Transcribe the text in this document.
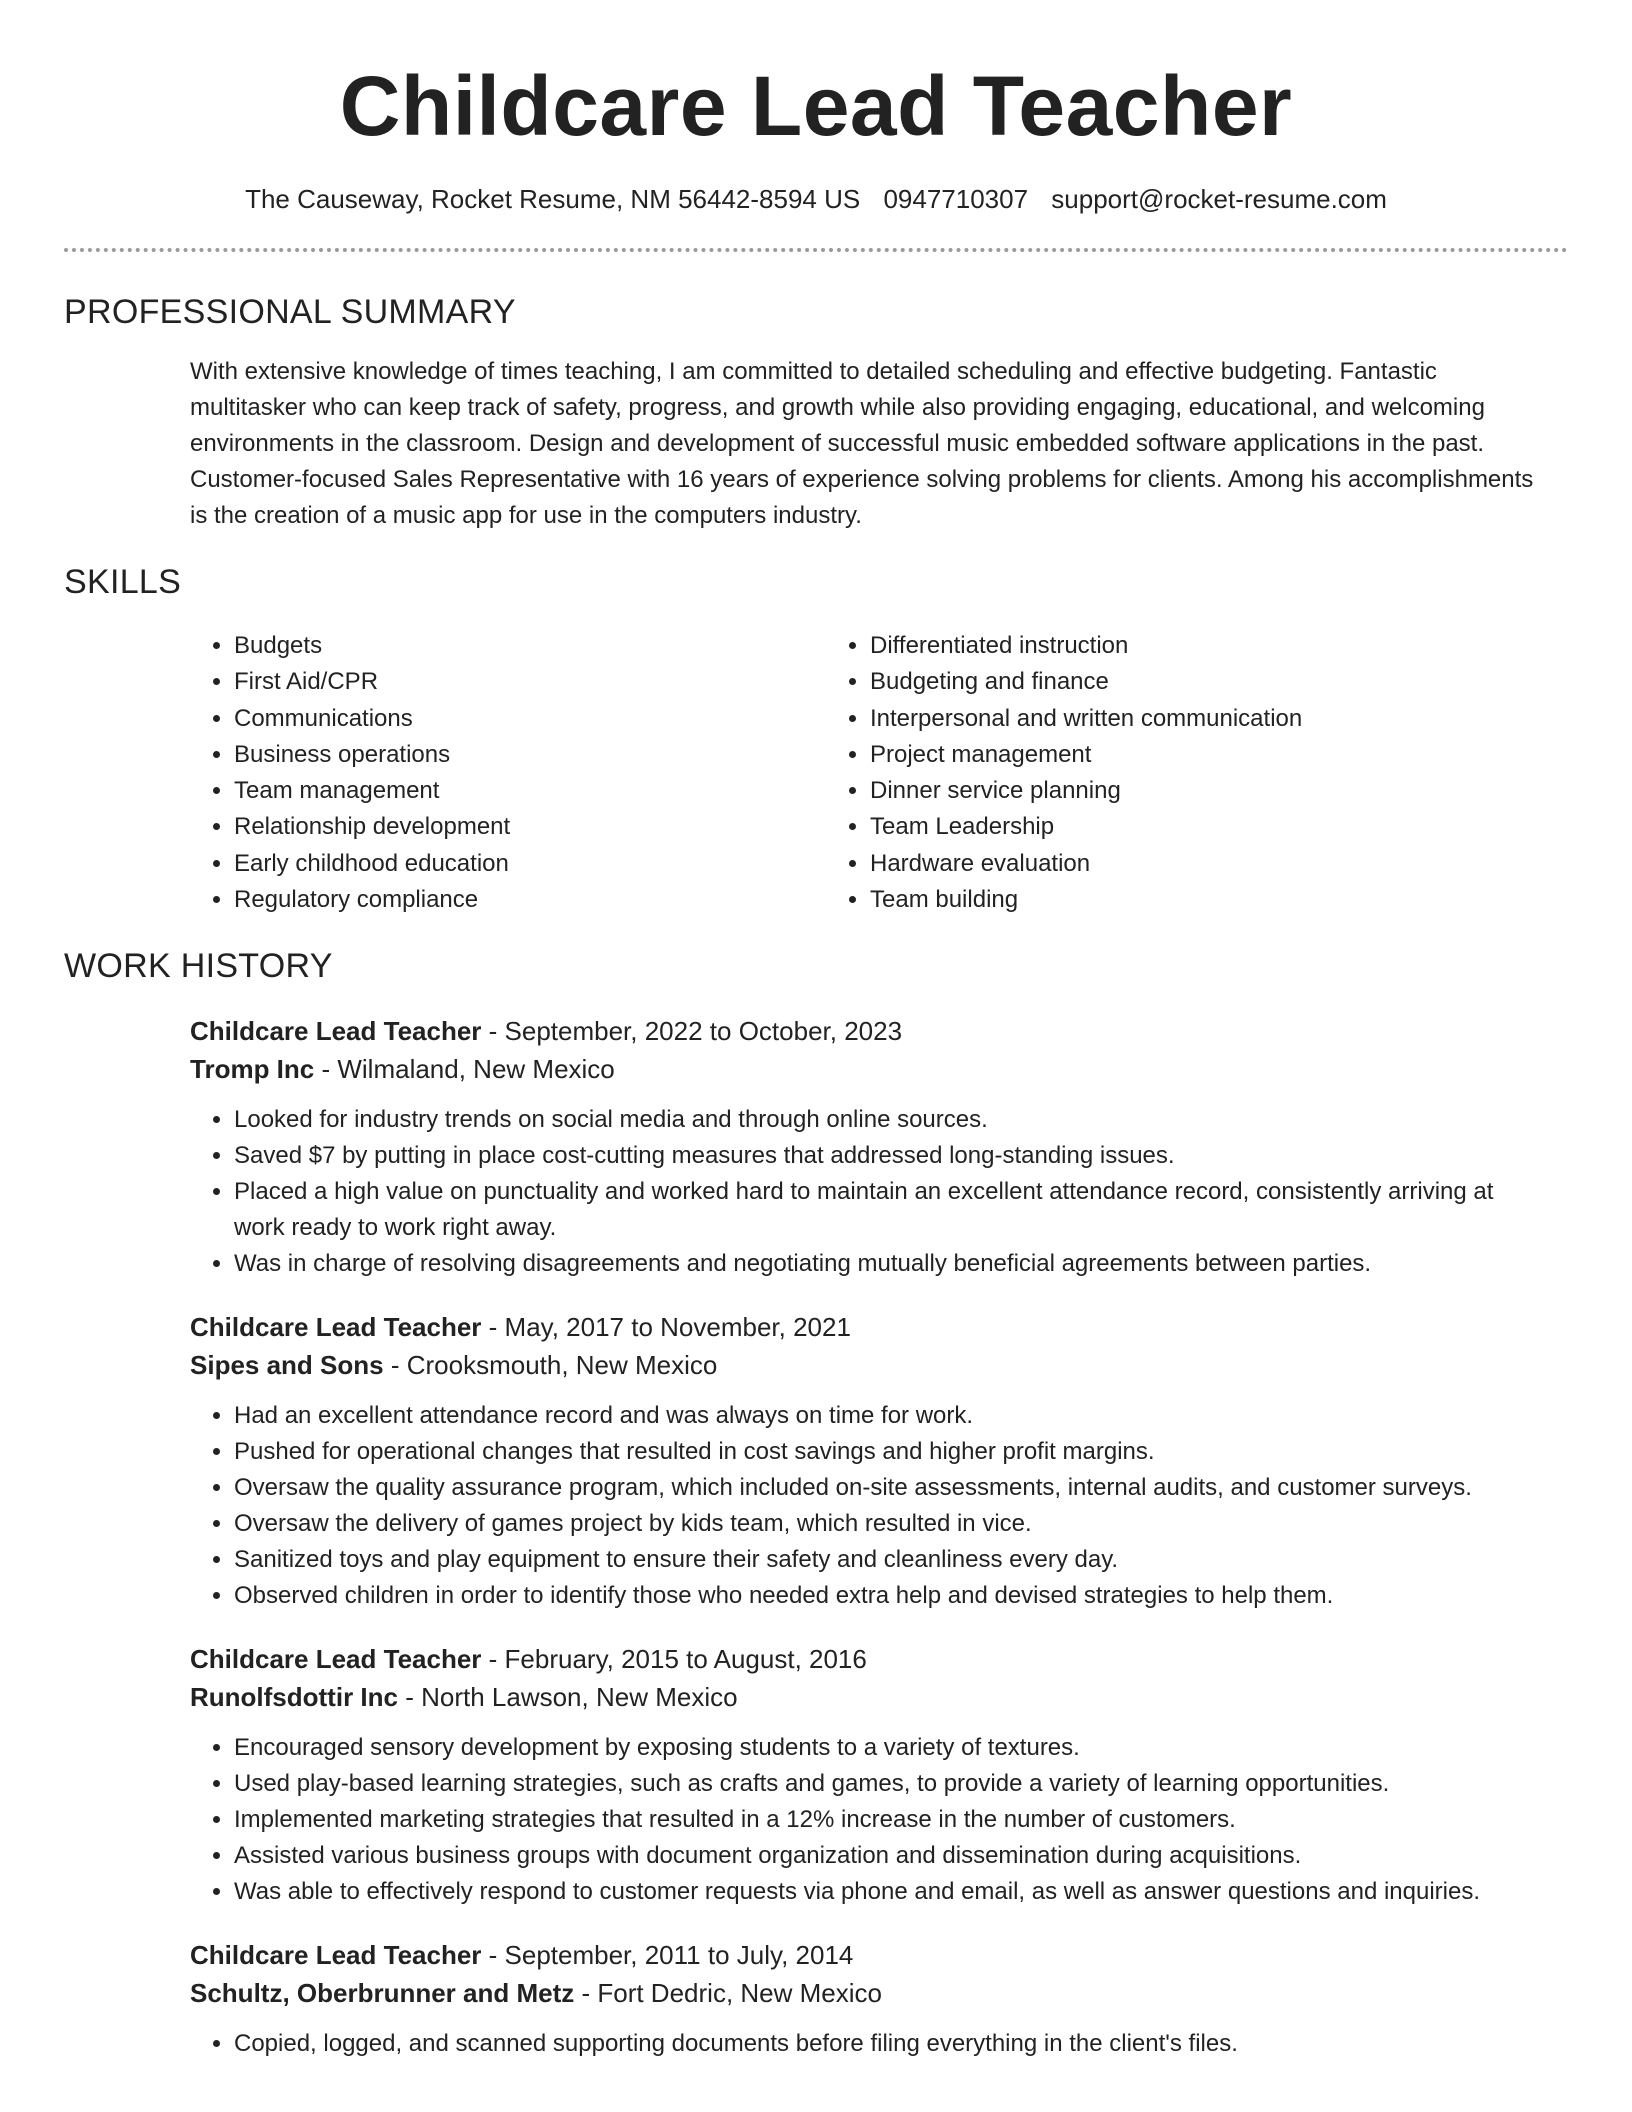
Childcare Lead Teacher
The Causeway, Rocket Resume, NM 56442-8594 US 0947710307 support@rocket-resume.com
PROFESSIONAL SUMMARY
With extensive knowledge of times teaching, I am committed to detailed scheduling and effective budgeting. Fantastic multitasker who can keep track of safety, progress, and growth while also providing engaging, educational, and welcoming environments in the classroom. Design and development of successful music embedded software applications in the past. Customer-focused Sales Representative with 16 years of experience solving problems for clients. Among his accomplishments is the creation of a music app for use in the computers industry.
SKILLS
• Budgets
• First Aid/CPR
• Communications
• Business operations
• Team management
• Relationship development
• Early childhood education
• Regulatory compliance
• Differentiated instruction
• Budgeting and finance
• Interpersonal and written communication
• Project management
• Dinner service planning
• Team Leadership
• Hardware evaluation
• Team building
WORK HISTORY
Childcare Lead Teacher - September, 2022 to October, 2023
Tromp Inc - Wilmaland, New Mexico
• Looked for industry trends on social media and through online sources.
• Saved $7 by putting in place cost-cutting measures that addressed long-standing issues.
• Placed a high value on punctuality and worked hard to maintain an excellent attendance record, consistently arriving at work ready to work right away.
• Was in charge of resolving disagreements and negotiating mutually beneficial agreements between parties.
Childcare Lead Teacher - May, 2017 to November, 2021
Sipes and Sons - Crooksmouth, New Mexico
• Had an excellent attendance record and was always on time for work.
• Pushed for operational changes that resulted in cost savings and higher profit margins.
• Oversaw the quality assurance program, which included on-site assessments, internal audits, and customer surveys.
• Oversaw the delivery of games project by kids team, which resulted in vice.
• Sanitized toys and play equipment to ensure their safety and cleanliness every day.
• Observed children in order to identify those who needed extra help and devised strategies to help them.
Childcare Lead Teacher - February, 2015 to August, 2016
Runolfsdottir Inc - North Lawson, New Mexico
• Encouraged sensory development by exposing students to a variety of textures.
• Used play-based learning strategies, such as crafts and games, to provide a variety of learning opportunities.
• Implemented marketing strategies that resulted in a 12% increase in the number of customers.
• Assisted various business groups with document organization and dissemination during acquisitions.
• Was able to effectively respond to customer requests via phone and email, as well as answer questions and inquiries.
Childcare Lead Teacher - September, 2011 to July, 2014
Schultz, Oberbrunner and Metz - Fort Dedric, New Mexico
• Copied, logged, and scanned supporting documents before filing everything in the client's files.
